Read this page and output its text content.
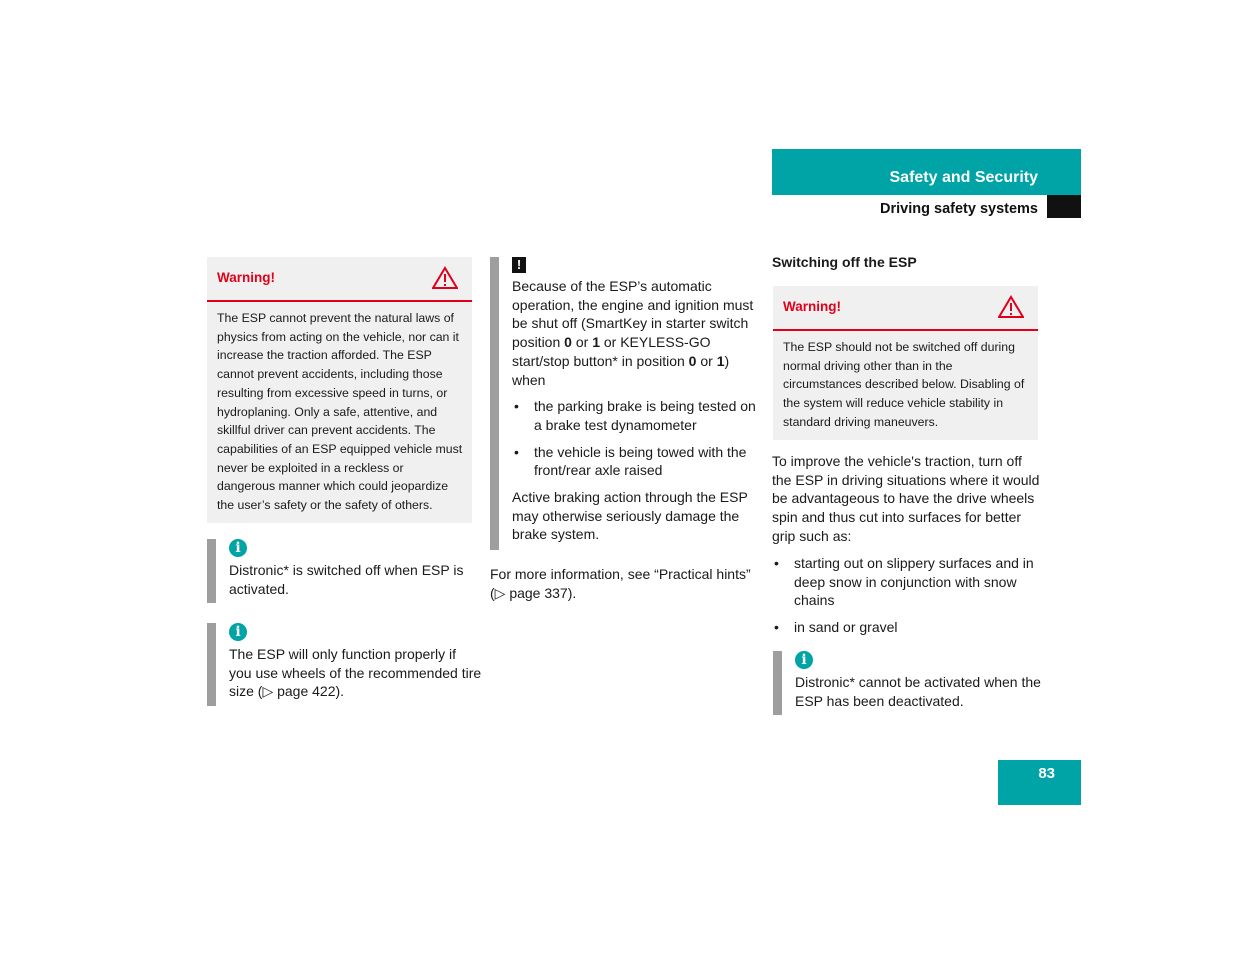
Safety and Security
Driving safety systems
Warning!
The ESP cannot prevent the natural laws of physics from acting on the vehicle, nor can it increase the traction afforded. The ESP cannot prevent accidents, including those resulting from excessive speed in turns, or hydroplaning. Only a safe, attentive, and skillful driver can prevent accidents. The capabilities of an ESP equipped vehicle must never be exploited in a reckless or dangerous manner which could jeopardize the user’s safety or the safety of others.
i
Distronic* is switched off when ESP is activated.
i
The ESP will only function properly if you use wheels of the recommended tire size (▷ page 422).
!

Because of the ESP’s automatic operation, the engine and ignition must be shut off (SmartKey in starter switch position 0 or 1 or KEYLESS-GO start/stop button* in position 0 or 1) when

• the parking brake is being tested on a brake test dynamometer
• the vehicle is being towed with the front/rear axle raised

Active braking action through the ESP may otherwise seriously damage the brake system.

For more information, see “Practical hints” (▷ page 337).
Switching off the ESP
Warning!
The ESP should not be switched off during normal driving other than in the circumstances described below. Disabling of the system will reduce vehicle stability in standard driving maneuvers.
To improve the vehicle's traction, turn off the ESP in driving situations where it would be advantageous to have the drive wheels spin and thus cut into surfaces for better grip such as:
• starting out on slippery surfaces and in deep snow in conjunction with snow chains
• in sand or gravel
i
Distronic* cannot be activated when the ESP has been deactivated.
83
